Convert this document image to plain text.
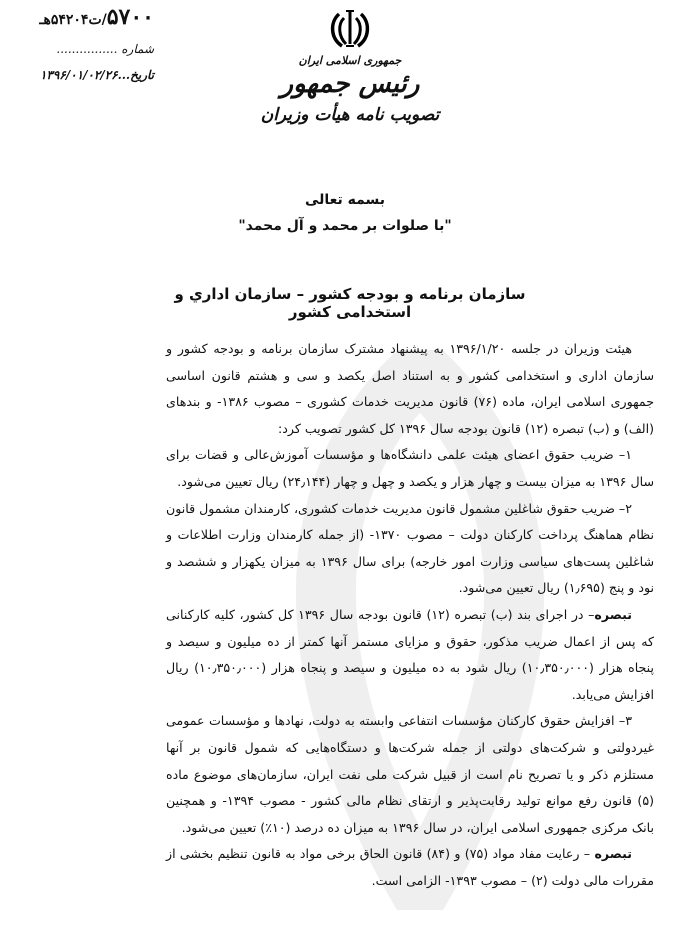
۵۷۰۰/ت۵۴۲۰۴هـ
شماره ................
تاریخ...۱۳۹۶/۰۱/۰۲/۲۶
جمهوری اسلامی ایران
رئیس جمهور
تصویب نامه هیأت وزیران
بسمه تعالی
"با صلوات بر محمد و آل محمد"
سازمان برنامه و بودجه کشور – سازمان اداري و استخدامی کشور

هیئت وزیران در جلسه ۱۳۹۶/۱/۲۰ به پیشنهاد مشترک سازمان برنامه و بودجه کشور و سازمان اداری و استخدامی کشور و به استناد اصل یکصد و سی و هشتم قانون اساسی جمهوری اسلامی ایران، ماده (۷۶) قانون مدیریت خدمات کشوری – مصوب ۱۳۸۶- و بندهای (الف) و (ب) تبصره (۱۲) قانون بودجه سال ۱۳۹۶ کل کشور تصویب کرد:

۱– ضریب حقوق اعضای هیئت علمی دانشگاه‌ها و مؤسسات آموزش‌عالی و قضات برای سال ۱۳۹۶ به میزان بیست و چهار هزار و یکصد و چهل و چهار (۲۴٫۱۴۴) ریال تعیین می‌شود.

۲– ضریب حقوق شاغلین مشمول قانون مدیریت خدمات کشوری، کارمندان مشمول قانون نظام هماهنگ پرداخت کارکنان دولت – مصوب ۱۳۷۰- (از جمله کارمندان وزارت اطلاعات و شاغلین پست‌های سیاسی وزارت امور خارجه) برای سال ۱۳۹۶ به میزان یکهزار و ششصد و نود و پنج (۱٫۶۹۵) ریال تعیین می‌شود.

تبصره– در اجرای بند (ب) تبصره (۱۲) قانون بودجه سال ۱۳۹۶ کل کشور، کلیه کارکنانی که پس از اعمال ضریب مذکور، حقوق و مزایای مستمر آنها کمتر از ده میلیون و سیصد و پنجاه هزار (۱۰٫۳۵۰٫۰۰۰) ریال شود به ده میلیون و سیصد و پنجاه هزار (۱۰٫۳۵۰٫۰۰۰) ریال افزایش می‌یابد.

۳– افزایش حقوق کارکنان مؤسسات انتفاعی وابسته به دولت، نهادها و مؤسسات عمومی غیردولتی و شرکت‌های دولتی از جمله شرکت‌ها و دستگاه‌هایی که شمول قانون بر آنها مستلزم ذکر و یا تصریح نام است از قبیل شرکت ملی نفت ایران، سازمان‌های موضوع ماده (۵) قانون رفع موانع تولید رقابت‌پذیر و ارتقای نظام مالی کشور - مصوب ۱۳۹۴- و همچنین بانک مرکزی جمهوری اسلامی ایران، در سال ۱۳۹۶ به میزان ده درصد (۱۰٪) تعیین می‌شود.

تبصره – رعایت مفاد مواد (۷۵) و (۸۴) قانون الحاق برخی مواد به قانون تنظیم بخشی از مقررات مالی دولت (۲) – مصوب ۱۳۹۳- الزامی است.
